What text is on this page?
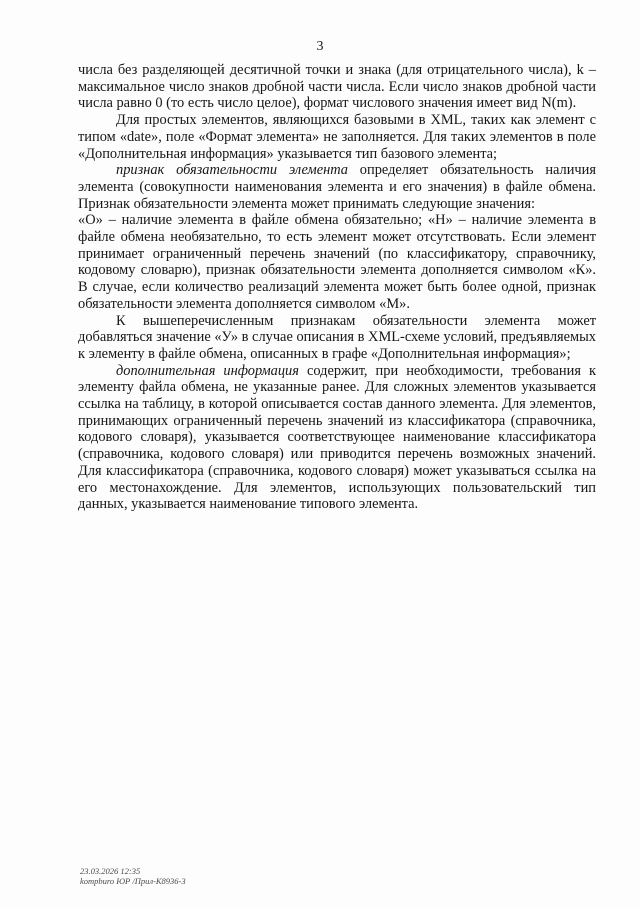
3

числа без разделяющей десятичной точки и знака (для отрицательного числа), k – максимальное число знаков дробной части числа. Если число знаков дробной части числа равно 0 (то есть число целое), формат числового значения имеет вид N(m).

Для простых элементов, являющихся базовыми в XML, таких как элемент с типом «date», поле «Формат элемента» не заполняется. Для таких элементов в поле «Дополнительная информация» указывается тип базового элемента;

признак обязательности элемента определяет обязательность наличия элемента (совокупности наименования элемента и его значения) в файле обмена. Признак обязательности элемента может принимать следующие значения:

«О» – наличие элемента в файле обмена обязательно; «Н» – наличие элемента в файле обмена необязательно, то есть элемент может отсутствовать. Если элемент принимает ограниченный перечень значений (по классификатору, справочнику, кодовому словарю), признак обязательности элемента дополняется символом «К». В случае, если количество реализаций элемента может быть более одной, признак обязательности элемента дополняется символом «М».

К вышеперечисленным признакам обязательности элемента может добавляться значение «У» в случае описания в XML-схеме условий, предъявляемых к элементу в файле обмена, описанных в графе «Дополнительная информация»;

дополнительная информация содержит, при необходимости, требования к элементу файла обмена, не указанные ранее. Для сложных элементов указывается ссылка на таблицу, в которой описывается состав данного элемента. Для элементов, принимающих ограниченный перечень значений из классификатора (справочника, кодового словаря), указывается соответствующее наименование классификатора (справочника, кодового словаря) или приводится перечень возможных значений. Для классификатора (справочника, кодового словаря) может указываться ссылка на его местонахождение. Для элементов, использующих пользовательский тип данных, указывается наименование типового элемента.

23.03.2026 12:35
kompburo ЮР /Прил-К8936-3
